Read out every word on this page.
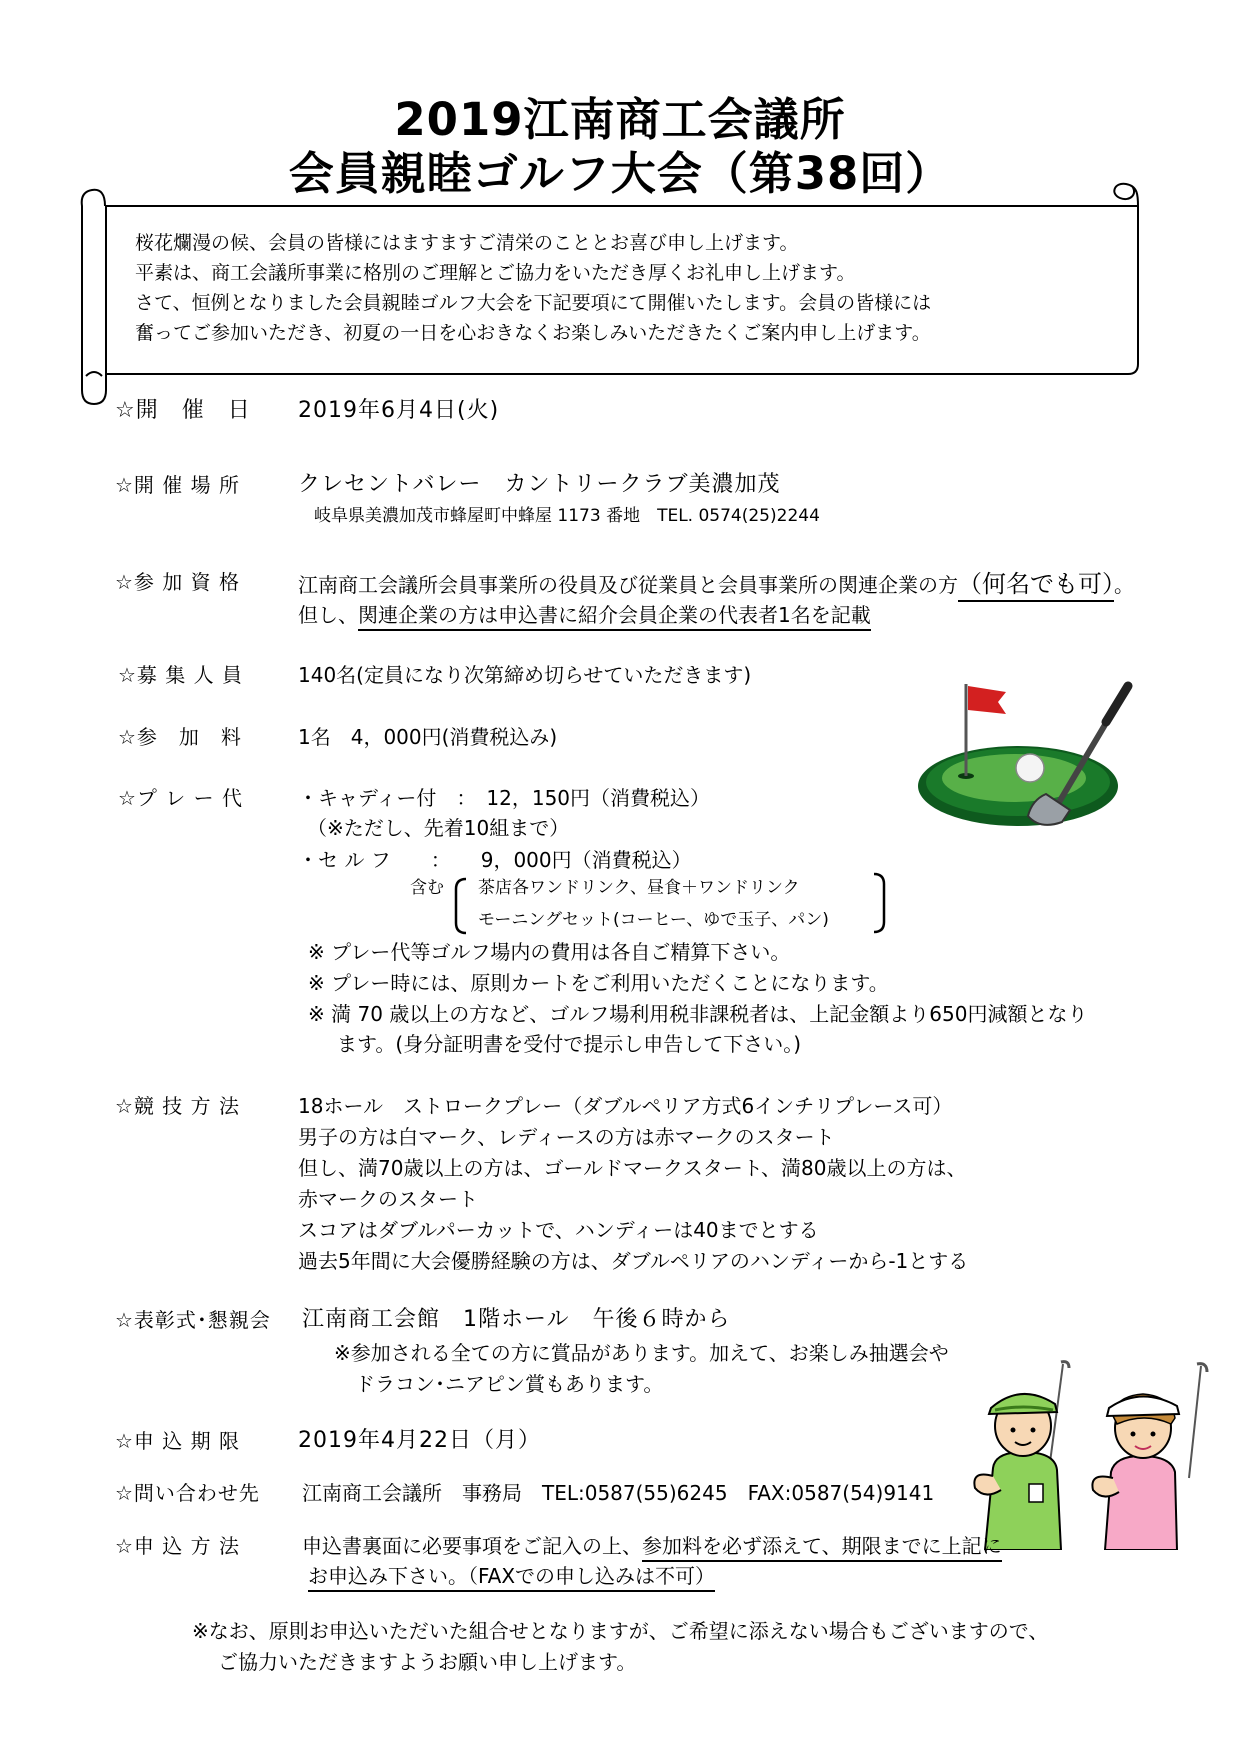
2019江南商工会議所
会員親睦ゴルフ大会（第38回）
桜花爛漫の候、会員の皆様にはますますご清栄のこととお喜び申し上げます。
平素は、商工会議所事業に格別のご理解とご協力をいただき厚くお礼申し上げます。
さて、恒例となりました会員親睦ゴルフ大会を下記要項にて開催いたします。会員の皆様には
奮ってご参加いただき、初夏の一日を心おきなくお楽しみいただきたくご案内申し上げます。
☆開　催　日 2019年6月4日(火)
☆開 催 場 所	クレセントバレー　カントリークラブ美濃加茂
岐阜県美濃加茂市蜂屋町中蜂屋 1173 番地　TEL. 0574(25)2244
☆参 加 資 格	江南商工会議所会員事業所の役員及び従業員と会員事業所の関連企業の方（何名でも可）。
但し、関連企業の方は申込書に紹介会員企業の代表者1名を記載
☆募 集 人 員	140名(定員になり次第締め切らせていただきます)
☆参　加　料	1名　4，000円(消費税込み)
☆プ レ ー 代	・キャディー付　：　12，150円（消費税込）
（※ただし、先着10組まで）
・セ ル フ　　：　　9，000円（消費税込）
含む 茶店各ワンドリンク、昼食＋ワンドリンク
モーニングセット(コーヒー、ゆで玉子、パン)
※ プレー代等ゴルフ場内の費用は各自ご精算下さい。
※ プレー時には、原則カートをご利用いただくことになります。
※ 満 70 歳以上の方など、ゴルフ場利用税非課税者は、上記金額より650円減額となり
ます。(身分証明書を受付で提示し申告して下さい。)
☆競 技 方 法	18ホール　ストロークプレー（ダブルペリア方式6インチリプレース可）
男子の方は白マーク、レディースの方は赤マークのスタート
但し、満70歳以上の方は、ゴールドマークスタート、満80歳以上の方は、
赤マークのスタート
スコアはダブルパーカットで、ハンディーは40までとする
過去5年間に大会優勝経験の方は、ダブルペリアのハンディーから-1とする
☆表彰式･懇親会 江南商工会館　1階ホール　午後６時から
※参加される全ての方に賞品があります。加えて、お楽しみ抽選会や
ドラコン･ニアピン賞もあります。
☆申 込 期 限	2019年4月22日（月）
☆問い合わせ先 江南商工会議所　事務局　TEL:0587(55)6245　FAX:0587(54)9141
☆申 込 方 法	申込書裏面に必要事項をご記入の上、参加料を必ず添えて、期限までに上記に
お申込み下さい。（FAXでの申し込みは不可）
※なお、原則お申込いただいた組合せとなりますが、ご希望に添えない場合もございますので、
ご協力いただきますようお願い申し上げます。
